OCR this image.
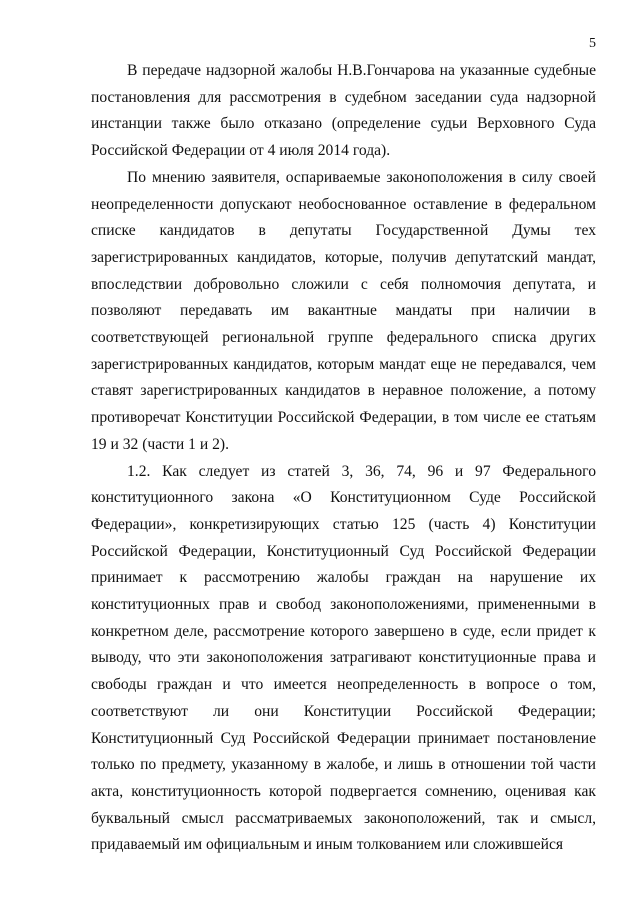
5

В передаче надзорной жалобы Н.В.Гончарова на указанные судебные постановления для рассмотрения в судебном заседании суда надзорной инстанции также было отказано (определение судьи Верховного Суда Российской Федерации от 4 июля 2014 года).

По мнению заявителя, оспариваемые законоположения в силу своей неопределенности допускают необоснованное оставление в федеральном списке кандидатов в депутаты Государственной Думы тех зарегистрированных кандидатов, которые, получив депутатский мандат, впоследствии добровольно сложили с себя полномочия депутата, и позволяют передавать им вакантные мандаты при наличии в соответствующей региональной группе федерального списка других зарегистрированных кандидатов, которым мандат еще не передавался, чем ставят зарегистрированных кандидатов в неравное положение, а потому противоречат Конституции Российской Федерации, в том числе ее статьям 19 и 32 (части 1 и 2).

1.2. Как следует из статей 3, 36, 74, 96 и 97 Федерального конституционного закона «О Конституционном Суде Российской Федерации», конкретизирующих статью 125 (часть 4) Конституции Российской Федерации, Конституционный Суд Российской Федерации принимает к рассмотрению жалобы граждан на нарушение их конституционных прав и свобод законоположениями, примененными в конкретном деле, рассмотрение которого завершено в суде, если придет к выводу, что эти законоположения затрагивают конституционные права и свободы граждан и что имеется неопределенность в вопросе о том, соответствуют ли они Конституции Российской Федерации; Конституционный Суд Российской Федерации принимает постановление только по предмету, указанному в жалобе, и лишь в отношении той части акта, конституционность которой подвергается сомнению, оценивая как буквальный смысл рассматриваемых законоположений, так и смысл, придаваемый им официальным и иным толкованием или сложившейся
